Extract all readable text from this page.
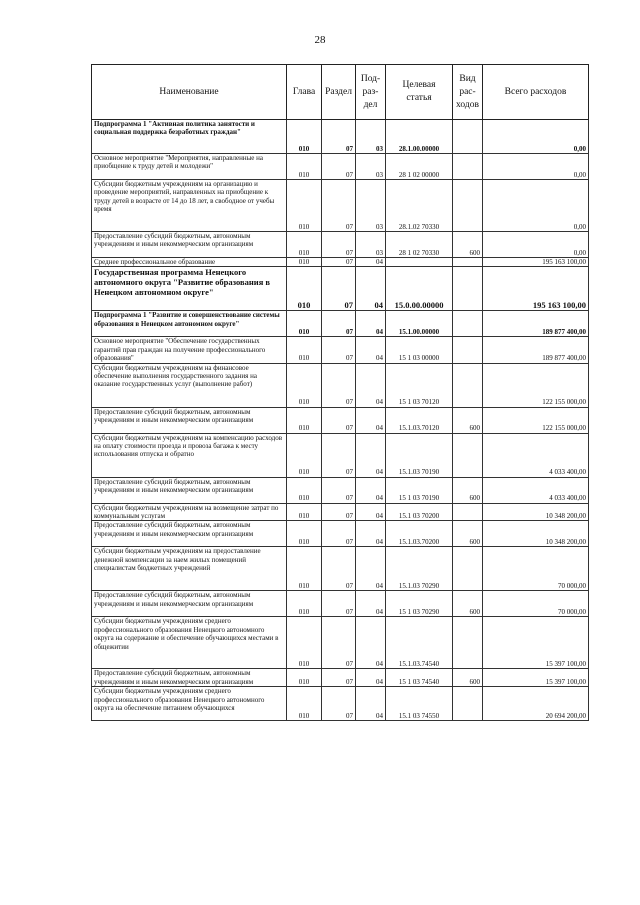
28
Наименование	Глава	Раздел	Под-
раз-
дел	Целевая
статья	Вид
рас-
ходов	Всего расходов
Подпрограмма 1 "Активная политика занятости и социальная поддержка безработных граждан"	010	07	03	28.1.00.00000		0,00
Основное мероприятие "Мероприятия, направленные на приобщение к труду детей и молодежи"	010	07	03	28 1 02 00000		0,00
Субсидии бюджетным учреждениям на организацию и проведение мероприятий, направленных на приобщение к труду детей в возрасте от 14 до 18 лет, в свободное от учебы время	010	07	03	28.1.02 70330		0,00
Предоставление субсидий бюджетным, автономным учреждениям и иным некоммерческим организациям	010	07	03	28 1 02 70330	600	0,00
Среднее профессиональное образование	010	07	04			195 163 100,00
Государственная программа Ненецкого автономного округа "Развитие образования в Ненецком автономном округе"	010	07	04	15.0.00.00000		195 163 100,00
Подпрограмма 1 "Развитие и совершенствование системы образования в Ненецком автономном округе"	010	07	04	15.1.00.00000		189 877 400,00
Основное мероприятие "Обеспечение государственных гарантий прав граждан на получение профессионального образования"	010	07	04	15 1 03 00000		189 877 400,00
Субсидии бюджетным учреждениям на финансовое обеспечение выполнения государственного задания на оказание государственных услуг (выполнение работ)	010	07	04	15 1 03 70120		122 155 000,00
Предоставление субсидий бюджетным, автономным учреждениям и иным некоммерческим организациям	010	07	04	15.1.03.70120	600	122 155 000,00
Субсидии бюджетным учреждениям на компенсацию расходов на оплату стоимости проезда и провоза багажа к месту использования отпуска и обратно	010	07	04	15.1.03 70190		4 033 400,00
Предоставление субсидий бюджетным, автономным учреждениям и иным некоммерческим организациям	010	07	04	15 1 03 70190	600	4 033 400,00
Субсидии бюджетным учреждениям на возмещение затрат по коммунальным услугам	010	07	04	15.1 03 70200		10 348 200,00
Предоставление субсидий бюджетным, автономным учреждениям и иным некоммерческим организациям	010	07	04	15.1.03.70200	600	10 348 200,00
Субсидии бюджетным учреждениям на предоставление денежной компенсации за наем жилых помещений специалистам бюджетных учреждений	010	07	04	15.1.03 70290		70 000,00
Предоставление субсидий бюджетным, автономным учреждениям и иным некоммерческим организациям	010	07	04	15 1 03 70290	600	70 000,00
Субсидии бюджетным учреждениям среднего профессионального образования Ненецкого автономного округа на содержание и обеспечение обучающихся местами в общежитии	010	07	04	15.1.03.74540		15 397 100,00
Предоставление субсидий бюджетным, автономным учреждениям и иным некоммерческим организациям	010	07	04	15 1 03 74540	600	15 397 100,00
Субсидии бюджетным учреждениям среднего профессионального образования Ненецкого автономного округа на обеспечение питанием обучающихся	010	07	04	15.1 03 74550		20 694 200,00
